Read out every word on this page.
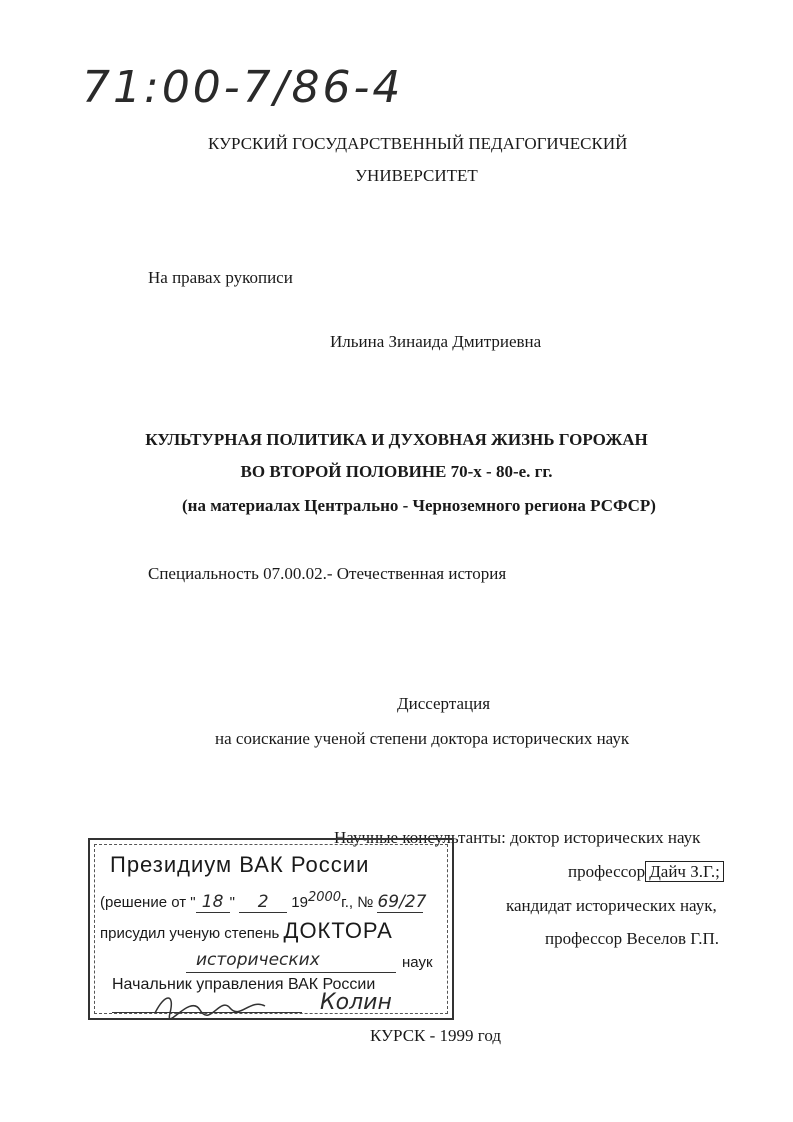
71:00-7/86-4
КУРСКИЙ ГОСУДАРСТВЕННЫЙ ПЕДАГОГИЧЕСКИЙ
УНИВЕРСИТЕТ
На правах рукописи
Ильина Зинаида Дмитриевна
КУЛЬТУРНАЯ ПОЛИТИКА И ДУХОВНАЯ ЖИЗНЬ ГОРОЖАН
ВО ВТОРОЙ ПОЛОВИНЕ 70-х - 80-е. гг.
(на материалах Центрально - Черноземного региона РСФСР)
Специальность 07.00.02.- Отечественная история
Диссертация
на соискание ученой степени доктора исторических наук
Научные консультанты: доктор исторических наук
профессор Дайч З.Г.;
кандидат исторических наук,
профессор Веселов Г.П.
Президиум ВАК России
(решение от " 18 " 2 192000г., № 69/27
присудил ученую степень ДОКТОРА
исторических	наук
Начальник управления ВАК России
Колин
КУРСК - 1999 год
